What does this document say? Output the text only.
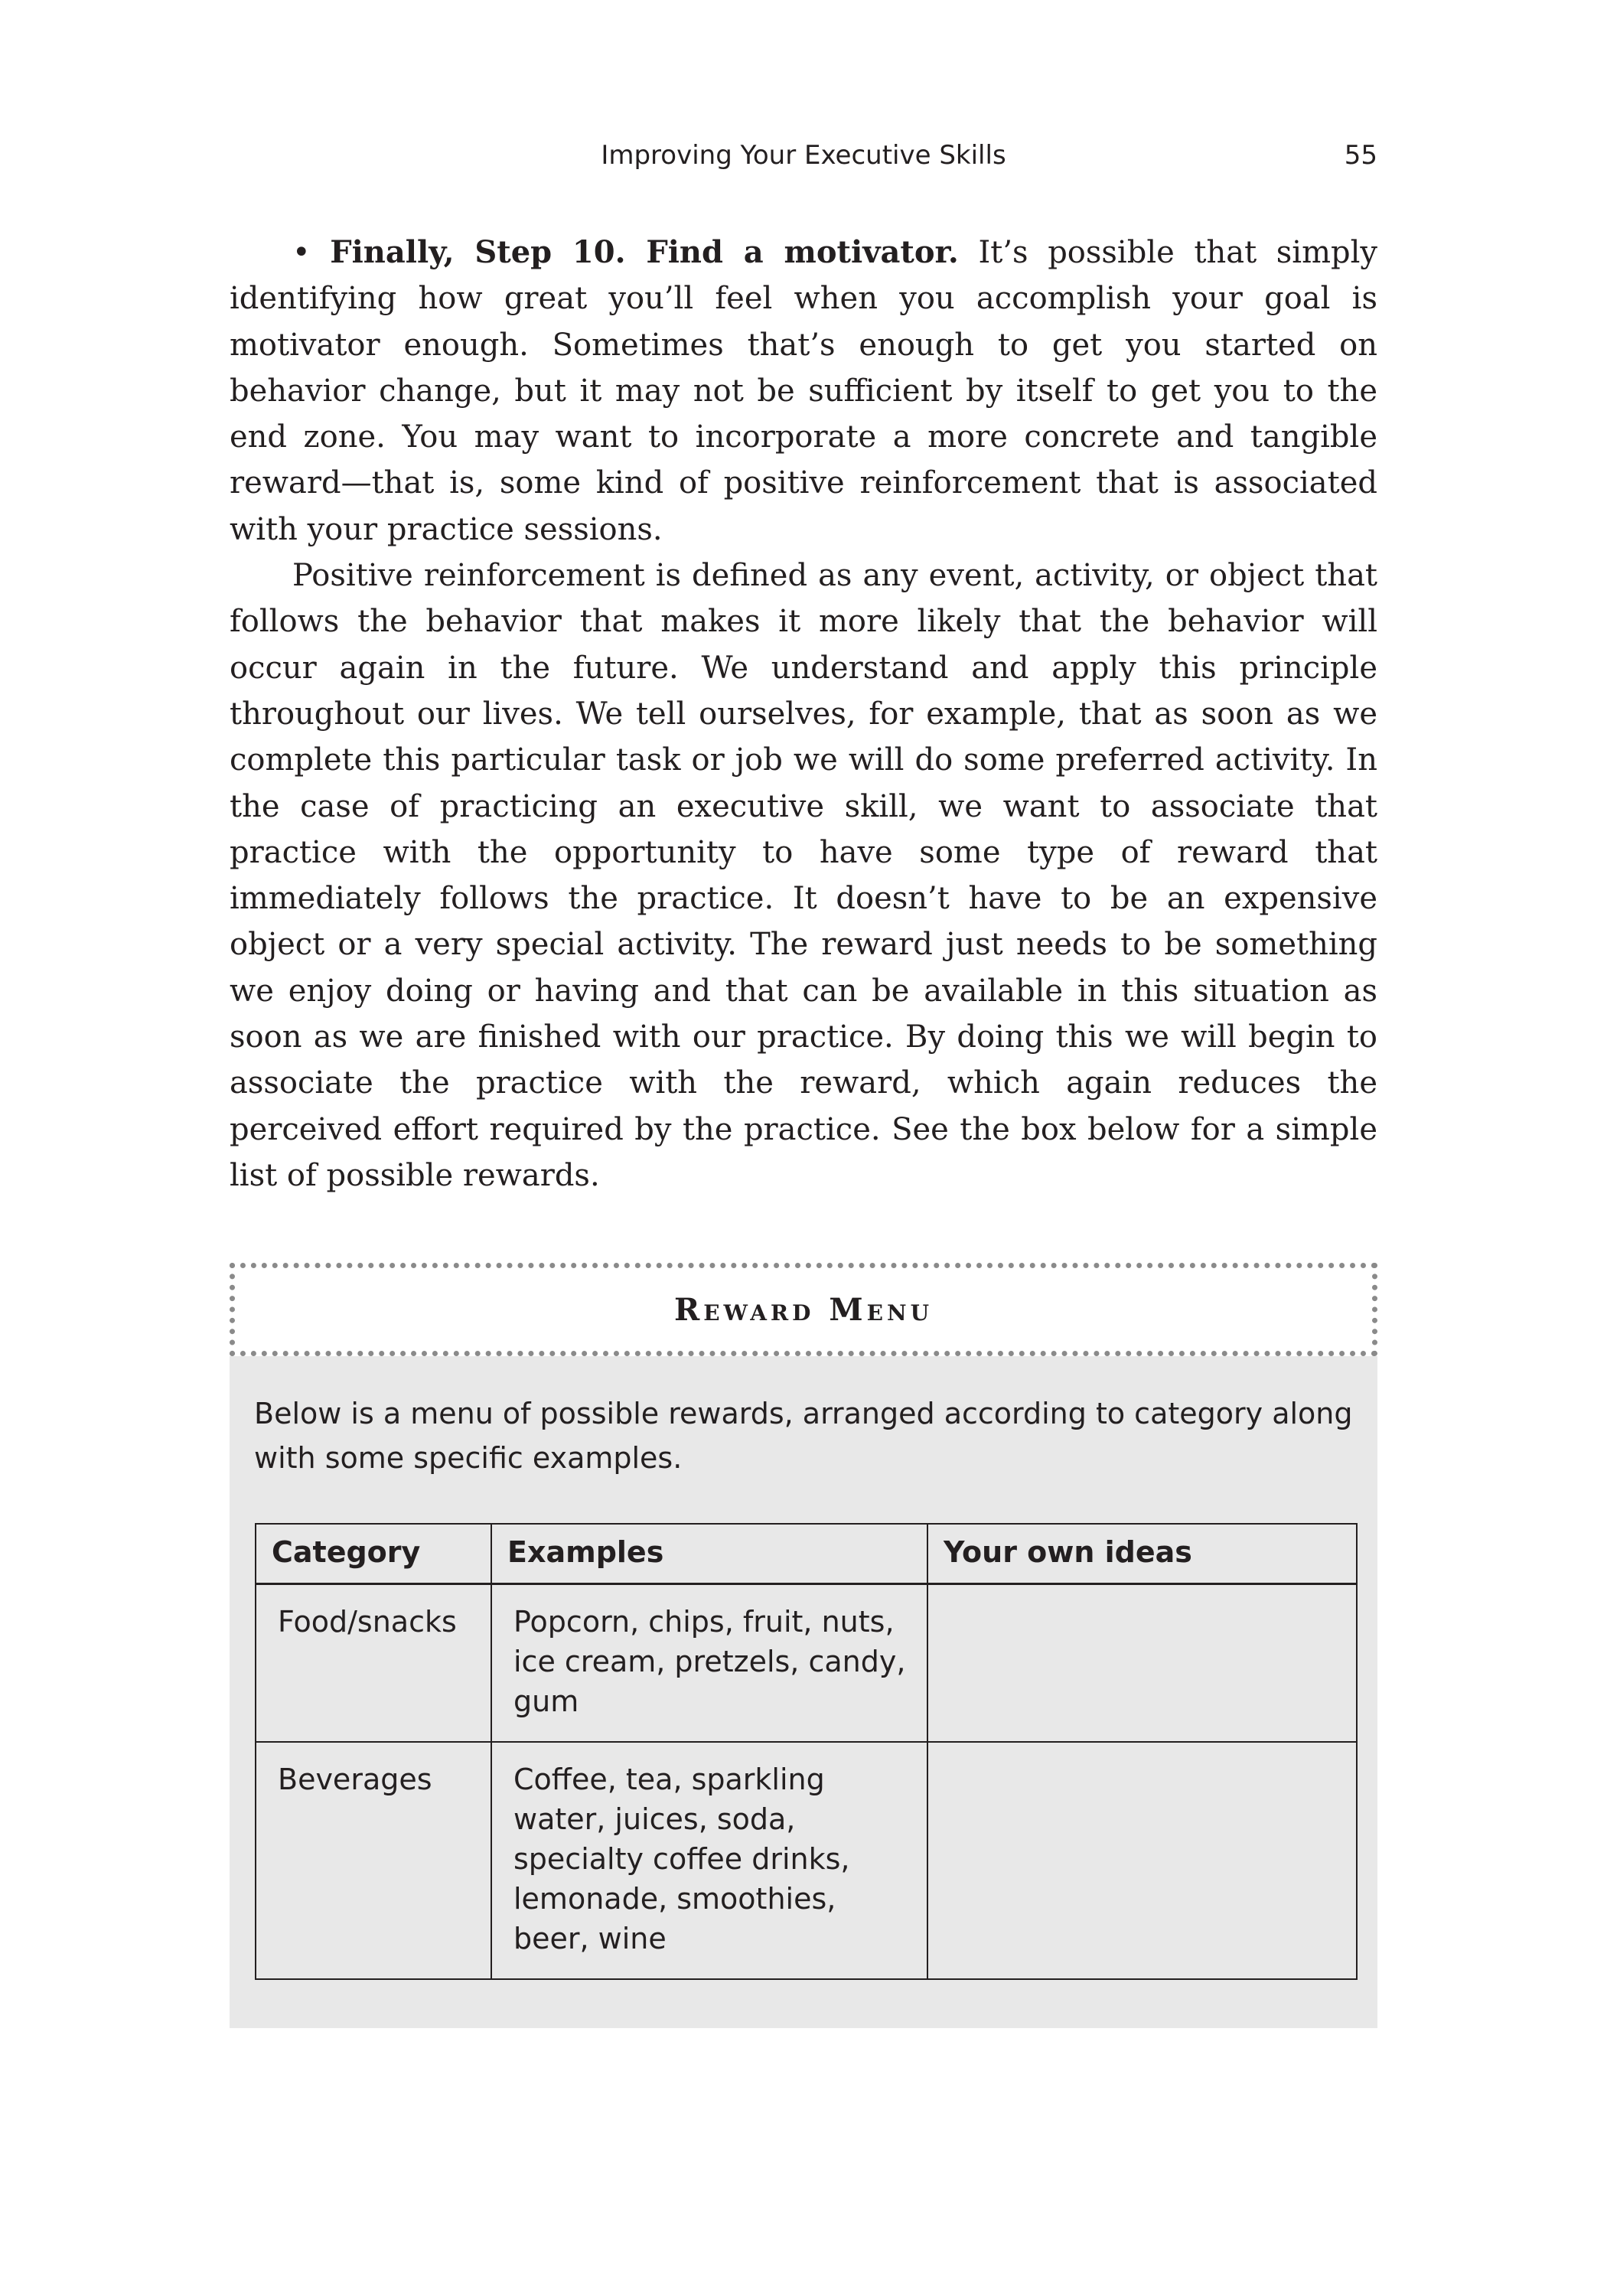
Improving Your Executive Skills	55

• Finally, Step 10. Find a motivator. It’s possible that simply identifying how great you’ll feel when you accomplish your goal is motivator enough. Sometimes that’s enough to get you started on behavior change, but it may not be sufficient by itself to get you to the end zone. You may want to incorporate a more concrete and tangible reward—that is, some kind of positive reinforcement that is associated with your practice sessions.

Positive reinforcement is defined as any event, activity, or object that follows the behavior that makes it more likely that the behavior will occur again in the future. We understand and apply this principle throughout our lives. We tell ourselves, for example, that as soon as we complete this particular task or job we will do some preferred activity. In the case of practicing an executive skill, we want to associate that practice with the opportunity to have some type of reward that immediately follows the practice. It doesn’t have to be an expensive object or a very special activity. The reward just needs to be something we enjoy doing or having and that can be available in this situation as soon as we are finished with our practice. By doing this we will begin to associate the practice with the reward, which again reduces the perceived effort required by the practice. See the box below for a simple list of possible rewards.

Reward Menu
Below is a menu of possible rewards, arranged according to category along with some specific examples.
Category	Examples	Your own ideas
Food/snacks	Popcorn, chips, fruit, nuts, ice cream, pretzels, candy, gum	
Beverages	Coffee, tea, sparkling water, juices, soda, specialty coffee drinks, lemonade, smoothies, beer, wine	
